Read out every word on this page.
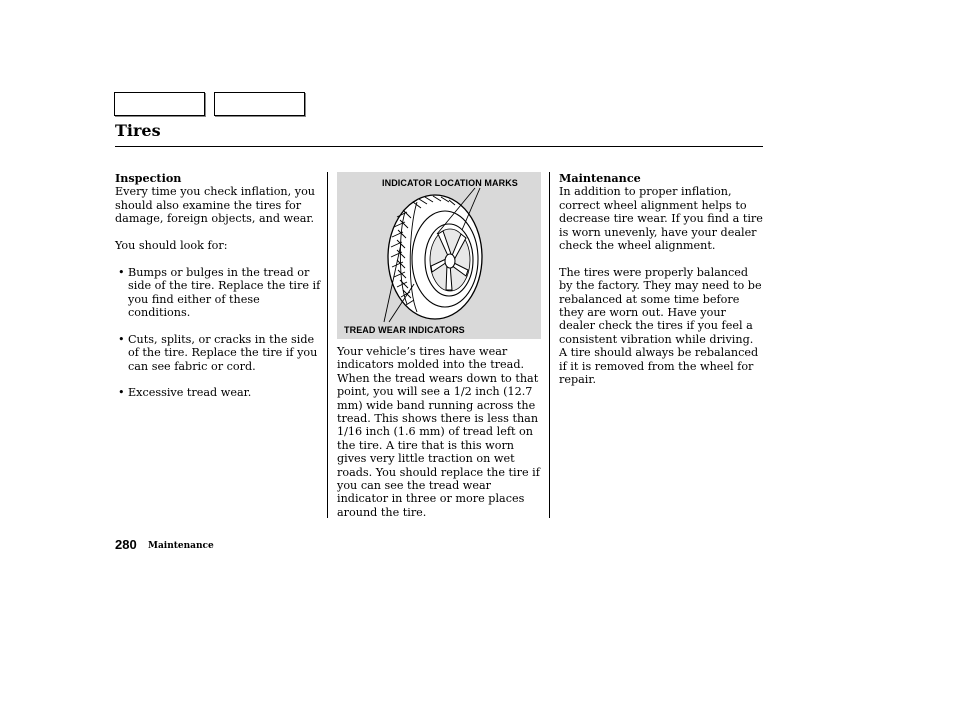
Tires

Inspection

Every time you check inflation, you should also examine the tires for damage, foreign objects, and wear.

You should look for:

• Bumps or bulges in the tread or side of the tire. Replace the tire if you find either of these conditions.
• Cuts, splits, or cracks in the side of the tire. Replace the tire if you can see fabric or cord.
• Excessive tread wear.
INDICATOR LOCATION MARKS
TREAD WEAR INDICATORS

Your vehicle’s tires have wear indicators molded into the tread. When the tread wears down to that point, you will see a 1/2 inch (12.7 mm) wide band running across the tread. This shows there is less than 1/16 inch (1.6 mm) of tread left on the tire. A tire that is this worn gives very little traction on wet roads. You should replace the tire if you can see the tread wear indicator in three or more places around the tire.

Maintenance

In addition to proper inflation, correct wheel alignment helps to decrease tire wear. If you find a tire is worn unevenly, have your dealer check the wheel alignment.

The tires were properly balanced by the factory. They may need to be rebalanced at some time before they are worn out. Have your dealer check the tires if you feel a consistent vibration while driving. A tire should always be rebalanced if it is removed from the wheel for repair.

280 Maintenance
